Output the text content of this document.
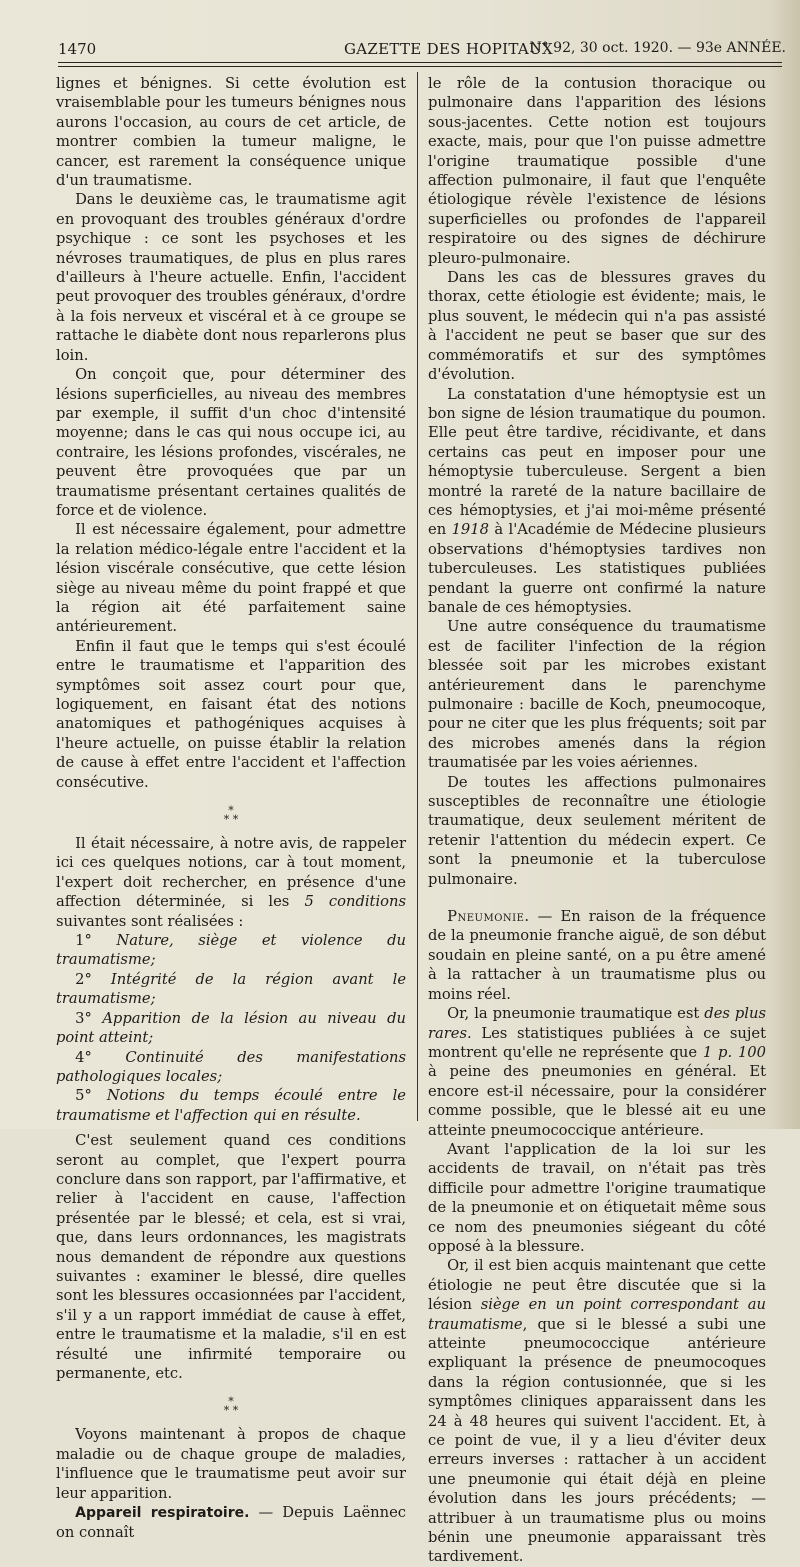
1470	GAZETTE DES HOPITAUX
N° 92, 30 oct. 1920. — 93e ANNÉE.

lignes et bénignes. Si cette évolution est vraisemblable pour les tumeurs bénignes nous aurons l'occasion, au cours de cet article, de montrer combien la tumeur maligne, le cancer, est rarement la conséquence unique d'un traumatisme.

Dans le deuxième cas, le traumatisme agit en provoquant des troubles généraux d'ordre psychique : ce sont les psychoses et les névroses traumatiques, de plus en plus rares d'ailleurs à l'heure actuelle. Enfin, l'accident peut provoquer des troubles généraux, d'ordre à la fois nerveux et viscéral et à ce groupe se rattache le diabète dont nous reparlerons plus loin.

On conçoit que, pour déterminer des lésions superficielles, au niveau des membres par exemple, il suffit d'un choc d'intensité moyenne; dans le cas qui nous occupe ici, au contraire, les lésions profondes, viscérales, ne peuvent être provoquées que par un traumatisme présentant certaines qualités de force et de violence.

Il est nécessaire également, pour admettre la relation médico-légale entre l'accident et la lésion viscérale consécutive, que cette lésion siège au niveau même du point frappé et que la région ait été parfaitement saine antérieurement.

Enfin il faut que le temps qui s'est écoulé entre le traumatisme et l'apparition des symptômes soit assez court pour que, logiquement, en faisant état des notions anatomiques et pathogéniques acquises à l'heure actuelle, on puisse établir la relation de cause à effet entre l'accident et l'affection consécutive.

*
* *

Il était nécessaire, à notre avis, de rappeler ici ces quelques notions, car à tout moment, l'expert doit rechercher, en présence d'une affection déterminée, si les 5 conditions suivantes sont réalisées :

1° Nature, siège et violence du traumatisme;

2° Intégrité de la région avant le traumatisme;

3° Apparition de la lésion au niveau du point atteint;

4° Continuité des manifestations pathologiques locales;

5° Notions du temps écoulé entre le traumatisme et l'affection qui en résulte.

C'est seulement quand ces conditions seront au complet, que l'expert pourra conclure dans son rapport, par l'affirmative, et relier à l'accident en cause, l'affection présentée par le blessé; et cela, est si vrai, que, dans leurs ordonnances, les magistrats nous demandent de répondre aux questions suivantes : examiner le blessé, dire quelles sont les blessures occasionnées par l'accident, s'il y a un rapport immédiat de cause à effet, entre le traumatisme et la maladie, s'il en est résulté une infirmité temporaire ou permanente, etc.

*
* *

Voyons maintenant à propos de chaque maladie ou de chaque groupe de maladies, l'influence que le traumatisme peut avoir sur leur apparition.

Appareil respiratoire. — Depuis Laënnec on connaît

le rôle de la contusion thoracique ou pulmonaire dans l'apparition des lésions sous-jacentes. Cette notion est toujours exacte, mais, pour que l'on puisse admettre l'origine traumatique possible d'une affection pulmonaire, il faut que l'enquête étiologique révèle l'existence de lésions superficielles ou profondes de l'appareil respiratoire ou des signes de déchirure pleuro-pulmonaire.

Dans les cas de blessures graves du thorax, cette étiologie est évidente; mais, le plus souvent, le médecin qui n'a pas assisté à l'accident ne peut se baser que sur des commémoratifs et sur des symptômes d'évolution.

La constatation d'une hémoptysie est un bon signe de lésion traumatique du poumon. Elle peut être tardive, récidivante, et dans certains cas peut en imposer pour une hémoptysie tuberculeuse. Sergent a bien montré la rareté de la nature bacillaire de ces hémoptysies, et j'ai moi-même présenté en 1918 à l'Académie de Médecine plusieurs observations d'hémoptysies tardives non tuberculeuses. Les statistiques publiées pendant la guerre ont confirmé la nature banale de ces hémoptysies.

Une autre conséquence du traumatisme est de faciliter l'infection de la région blessée soit par les microbes existant antérieurement dans le parenchyme pulmonaire : bacille de Koch, pneumocoque, pour ne citer que les plus fréquents; soit par des microbes amenés dans la région traumatisée par les voies aériennes.

De toutes les affections pulmonaires susceptibles de reconnaître une étiologie traumatique, deux seulement méritent de retenir l'attention du médecin expert. Ce sont la pneumonie et la tuberculose pulmonaire.

Pneumonie. — En raison de la fréquence de la pneumonie franche aiguë, de son début soudain en pleine santé, on a pu être amené à la rattacher à un traumatisme plus ou moins réel.

Or, la pneumonie traumatique est des plus rares. Les statistiques publiées à ce sujet montrent qu'elle ne représente que 1 p. 100 à peine des pneumonies en général. Et encore est-il nécessaire, pour la considérer comme possible, que le blessé ait eu une atteinte pneumococcique antérieure.

Avant l'application de la loi sur les accidents de travail, on n'était pas très difficile pour admettre l'origine traumatique de la pneumonie et on étiquetait même sous ce nom des pneumonies siégeant du côté opposé à la blessure.

Or, il est bien acquis maintenant que cette étiologie ne peut être discutée que si la lésion siège en un point correspondant au traumatisme, que si le blessé a subi une atteinte pneumococcique antérieure expliquant la présence de pneumocoques dans la région contusionnée, que si les symptômes cliniques apparaissent dans les 24 à 48 heures qui suivent l'accident. Et, à ce point de vue, il y a lieu d'éviter deux erreurs inverses : rattacher à un accident une pneumonie qui était déjà en pleine évolution dans les jours précédents; — attribuer à un traumatisme plus ou moins bénin une pneumonie apparaissant très tardivement.
